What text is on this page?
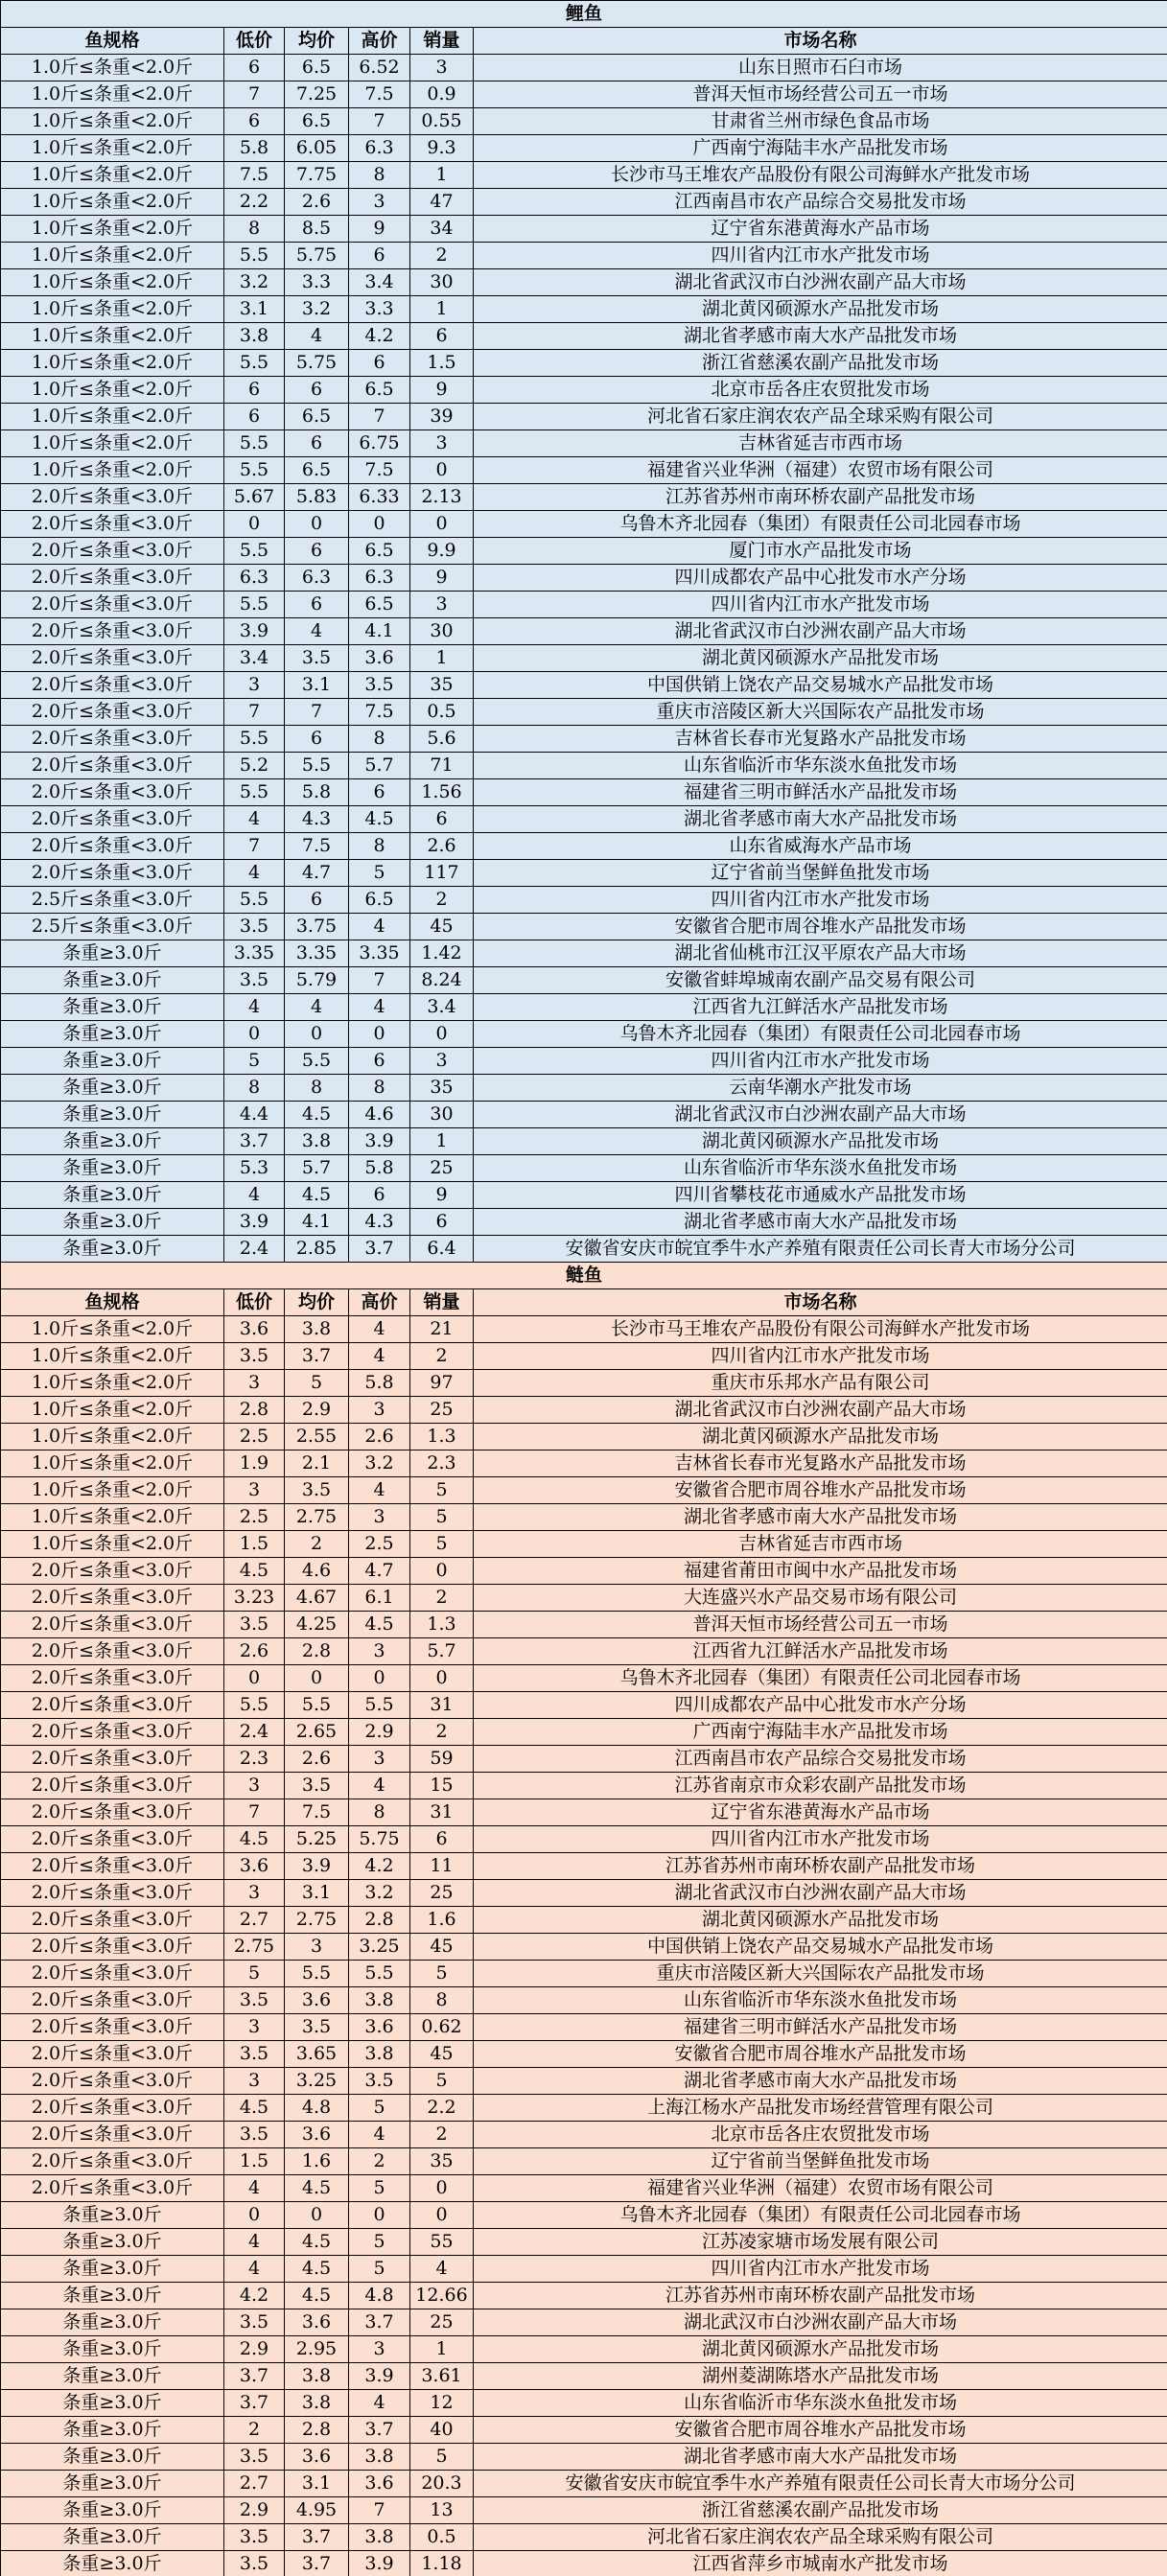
鲤鱼					
鱼规格	低价	均价	高价	销量	市场名称
1.0斤≤条重<2.0斤	6	6.5	6.52	3	山东日照市石臼市场
1.0斤≤条重<2.0斤	7	7.25	7.5	0.9	普洱天恒市场经营公司五一市场
1.0斤≤条重<2.0斤	6	6.5	7	0.55	甘肃省兰州市绿色食品市场
1.0斤≤条重<2.0斤	5.8	6.05	6.3	9.3	广西南宁海陆丰水产品批发市场
1.0斤≤条重<2.0斤	7.5	7.75	8	1	长沙市马王堆农产品股份有限公司海鲜水产批发市场
1.0斤≤条重<2.0斤	2.2	2.6	3	47	江西南昌市农产品综合交易批发市场
1.0斤≤条重<2.0斤	8	8.5	9	34	辽宁省东港黄海水产品市场
1.0斤≤条重<2.0斤	5.5	5.75	6	2	四川省内江市水产批发市场
1.0斤≤条重<2.0斤	3.2	3.3	3.4	30	湖北省武汉市白沙洲农副产品大市场
1.0斤≤条重<2.0斤	3.1	3.2	3.3	1	湖北黄冈硕源水产品批发市场
1.0斤≤条重<2.0斤	3.8	4	4.2	6	湖北省孝感市南大水产品批发市场
1.0斤≤条重<2.0斤	5.5	5.75	6	1.5	浙江省慈溪农副产品批发市场
1.0斤≤条重<2.0斤	6	6	6.5	9	北京市岳各庄农贸批发市场
1.0斤≤条重<2.0斤	6	6.5	7	39	河北省石家庄润农农产品全球采购有限公司
1.0斤≤条重<2.0斤	5.5	6	6.75	3	吉林省延吉市西市场
1.0斤≤条重<2.0斤	5.5	6.5	7.5	0	福建省兴业华洲（福建）农贸市场有限公司
2.0斤≤条重<3.0斤	5.67	5.83	6.33	2.13	江苏省苏州市南环桥农副产品批发市场
2.0斤≤条重<3.0斤	0	0	0	0	乌鲁木齐北园春（集团）有限责任公司北园春市场
2.0斤≤条重<3.0斤	5.5	6	6.5	9.9	厦门市水产品批发市场
2.0斤≤条重<3.0斤	6.3	6.3	6.3	9	四川成都农产品中心批发市水产分场
2.0斤≤条重<3.0斤	5.5	6	6.5	3	四川省内江市水产批发市场
2.0斤≤条重<3.0斤	3.9	4	4.1	30	湖北省武汉市白沙洲农副产品大市场
2.0斤≤条重<3.0斤	3.4	3.5	3.6	1	湖北黄冈硕源水产品批发市场
2.0斤≤条重<3.0斤	3	3.1	3.5	35	中国供销上饶农产品交易城水产品批发市场
2.0斤≤条重<3.0斤	7	7	7.5	0.5	重庆市涪陵区新大兴国际农产品批发市场
2.0斤≤条重<3.0斤	5.5	6	8	5.6	吉林省长春市光复路水产品批发市场
2.0斤≤条重<3.0斤	5.2	5.5	5.7	71	山东省临沂市华东淡水鱼批发市场
2.0斤≤条重<3.0斤	5.5	5.8	6	1.56	福建省三明市鲜活水产品批发市场
2.0斤≤条重<3.0斤	4	4.3	4.5	6	湖北省孝感市南大水产品批发市场
2.0斤≤条重<3.0斤	7	7.5	8	2.6	山东省威海水产品市场
2.0斤≤条重<3.0斤	4	4.7	5	117	辽宁省前当堡鲜鱼批发市场
2.5斤≤条重<3.0斤	5.5	6	6.5	2	四川省内江市水产批发市场
2.5斤≤条重<3.0斤	3.5	3.75	4	45	安徽省合肥市周谷堆水产品批发市场
条重≥3.0斤	3.35	3.35	3.35	1.42	湖北省仙桃市江汉平原农产品大市场
条重≥3.0斤	3.5	5.79	7	8.24	安徽省蚌埠城南农副产品交易有限公司
条重≥3.0斤	4	4	4	3.4	江西省九江鲜活水产品批发市场
条重≥3.0斤	0	0	0	0	乌鲁木齐北园春（集团）有限责任公司北园春市场
条重≥3.0斤	5	5.5	6	3	四川省内江市水产批发市场
条重≥3.0斤	8	8	8	35	云南华潮水产批发市场
条重≥3.0斤	4.4	4.5	4.6	30	湖北省武汉市白沙洲农副产品大市场
条重≥3.0斤	3.7	3.8	3.9	1	湖北黄冈硕源水产品批发市场
条重≥3.0斤	5.3	5.7	5.8	25	山东省临沂市华东淡水鱼批发市场
条重≥3.0斤	4	4.5	6	9	四川省攀枝花市通威水产品批发市场
条重≥3.0斤	3.9	4.1	4.3	6	湖北省孝感市南大水产品批发市场
条重≥3.0斤	2.4	2.85	3.7	6.4	安徽省安庆市皖宜季牛水产养殖有限责任公司长青大市场分公司
鲢鱼					
鱼规格	低价	均价	高价	销量	市场名称
1.0斤≤条重<2.0斤	3.6	3.8	4	21	长沙市马王堆农产品股份有限公司海鲜水产批发市场
1.0斤≤条重<2.0斤	3.5	3.7	4	2	四川省内江市水产批发市场
1.0斤≤条重<2.0斤	3	5	5.8	97	重庆市乐邦水产品有限公司
1.0斤≤条重<2.0斤	2.8	2.9	3	25	湖北省武汉市白沙洲农副产品大市场
1.0斤≤条重<2.0斤	2.5	2.55	2.6	1.3	湖北黄冈硕源水产品批发市场
1.0斤≤条重<2.0斤	1.9	2.1	3.2	2.3	吉林省长春市光复路水产品批发市场
1.0斤≤条重<2.0斤	3	3.5	4	5	安徽省合肥市周谷堆水产品批发市场
1.0斤≤条重<2.0斤	2.5	2.75	3	5	湖北省孝感市南大水产品批发市场
1.0斤≤条重<2.0斤	1.5	2	2.5	5	吉林省延吉市西市场
2.0斤≤条重<3.0斤	4.5	4.6	4.7	0	福建省莆田市闽中水产品批发市场
2.0斤≤条重<3.0斤	3.23	4.67	6.1	2	大连盛兴水产品交易市场有限公司
2.0斤≤条重<3.0斤	3.5	4.25	4.5	1.3	普洱天恒市场经营公司五一市场
2.0斤≤条重<3.0斤	2.6	2.8	3	5.7	江西省九江鲜活水产品批发市场
2.0斤≤条重<3.0斤	0	0	0	0	乌鲁木齐北园春（集团）有限责任公司北园春市场
2.0斤≤条重<3.0斤	5.5	5.5	5.5	31	四川成都农产品中心批发市水产分场
2.0斤≤条重<3.0斤	2.4	2.65	2.9	2	广西南宁海陆丰水产品批发市场
2.0斤≤条重<3.0斤	2.3	2.6	3	59	江西南昌市农产品综合交易批发市场
2.0斤≤条重<3.0斤	3	3.5	4	15	江苏省南京市众彩农副产品批发市场
2.0斤≤条重<3.0斤	7	7.5	8	31	辽宁省东港黄海水产品市场
2.0斤≤条重<3.0斤	4.5	5.25	5.75	6	四川省内江市水产批发市场
2.0斤≤条重<3.0斤	3.6	3.9	4.2	11	江苏省苏州市南环桥农副产品批发市场
2.0斤≤条重<3.0斤	3	3.1	3.2	25	湖北省武汉市白沙洲农副产品大市场
2.0斤≤条重<3.0斤	2.7	2.75	2.8	1.6	湖北黄冈硕源水产品批发市场
2.0斤≤条重<3.0斤	2.75	3	3.25	45	中国供销上饶农产品交易城水产品批发市场
2.0斤≤条重<3.0斤	5	5.5	5.5	5	重庆市涪陵区新大兴国际农产品批发市场
2.0斤≤条重<3.0斤	3.5	3.6	3.8	8	山东省临沂市华东淡水鱼批发市场
2.0斤≤条重<3.0斤	3	3.5	3.6	0.62	福建省三明市鲜活水产品批发市场
2.0斤≤条重<3.0斤	3.5	3.65	3.8	45	安徽省合肥市周谷堆水产品批发市场
2.0斤≤条重<3.0斤	3	3.25	3.5	5	湖北省孝感市南大水产品批发市场
2.0斤≤条重<3.0斤	4.5	4.8	5	2.2	上海江杨水产品批发市场经营管理有限公司
2.0斤≤条重<3.0斤	3.5	3.6	4	2	北京市岳各庄农贸批发市场
2.0斤≤条重<3.0斤	1.5	1.6	2	35	辽宁省前当堡鲜鱼批发市场
2.0斤≤条重<3.0斤	4	4.5	5	0	福建省兴业华洲（福建）农贸市场有限公司
条重≥3.0斤	0	0	0	0	乌鲁木齐北园春（集团）有限责任公司北园春市场
条重≥3.0斤	4	4.5	5	55	江苏凌家塘市场发展有限公司
条重≥3.0斤	4	4.5	5	4	四川省内江市水产批发市场
条重≥3.0斤	4.2	4.5	4.8	12.66	江苏省苏州市南环桥农副产品批发市场
条重≥3.0斤	3.5	3.6	3.7	25	湖北武汉市白沙洲农副产品大市场
条重≥3.0斤	2.9	2.95	3	1	湖北黄冈硕源水产品批发市场
条重≥3.0斤	3.7	3.8	3.9	3.61	湖州菱湖陈塔水产品批发市场
条重≥3.0斤	3.7	3.8	4	12	山东省临沂市华东淡水鱼批发市场
条重≥3.0斤	2	2.8	3.7	40	安徽省合肥市周谷堆水产品批发市场
条重≥3.0斤	3.5	3.6	3.8	5	湖北省孝感市南大水产品批发市场
条重≥3.0斤	2.7	3.1	3.6	20.3	安徽省安庆市皖宜季牛水产养殖有限责任公司长青大市场分公司
条重≥3.0斤	2.9	4.95	7	13	浙江省慈溪农副产品批发市场
条重≥3.0斤	3.5	3.7	3.8	0.5	河北省石家庄润农农产品全球采购有限公司
条重≥3.0斤	3.5	3.7	3.9	1.18	江西省萍乡市城南水产批发市场
